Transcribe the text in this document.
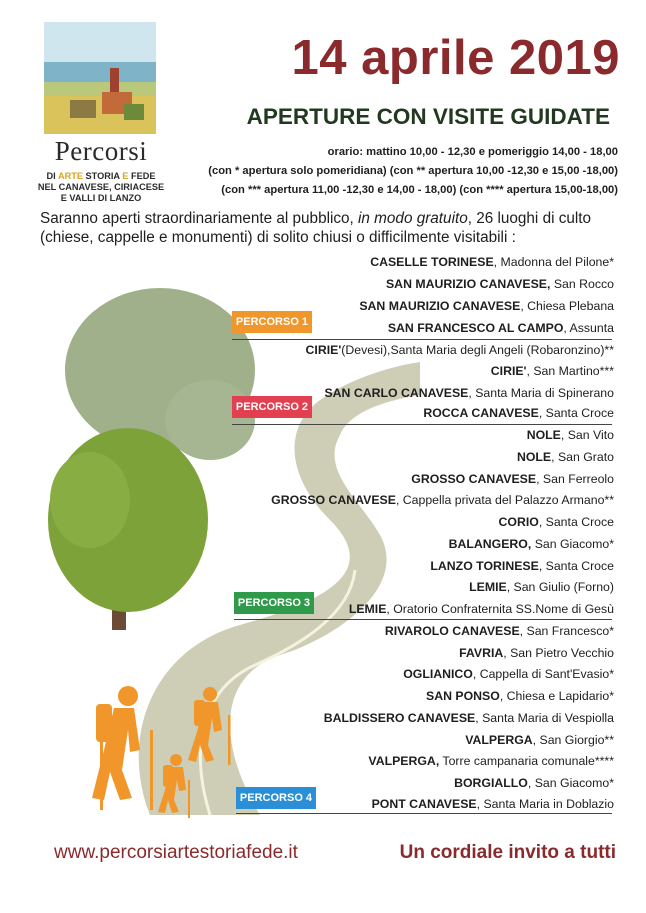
Percorsi
DI ARTE STORIA E FEDE
NEL CANAVESE, CIRIACESE
E VALLI DI LANZO
14 aprile 2019
APERTURE CON VISITE GUIDATE
orario: mattino 10,00 - 12,30 e pomeriggio 14,00 - 18,00
(con * apertura solo pomeridiana) (con ** apertura 10,00 -12,30 e 15,00 -18,00)
(con *** apertura 11,00 -12,30 e 14,00 - 18,00) (con **** apertura 15,00-18,00)
Saranno aperti straordinariamente al pubblico, in modo gratuito, 26 luoghi di culto (chiese, cappelle e monumenti) di solito chiusi o difficilmente visitabili :
PERCORSO 1
PERCORSO 2
PERCORSO 3
PERCORSO 4
CASELLE TORINESE, Madonna del Pilone*
SAN MAURIZIO CANAVESE, San Rocco
SAN MAURIZIO CANAVESE, Chiesa Plebana
SAN FRANCESCO AL CAMPO, Assunta
CIRIE'(Devesi),Santa Maria degli Angeli (Robaronzino)**
CIRIE', San Martino***
SAN CARLO CANAVESE, Santa Maria di Spinerano
ROCCA CANAVESE, Santa Croce
NOLE, San Vito
NOLE, San Grato
GROSSO CANAVESE, San Ferreolo
GROSSO CANAVESE, Cappella privata del Palazzo Armano**
CORIO, Santa Croce
BALANGERO, San Giacomo*
LANZO TORINESE, Santa Croce
LEMIE, San Giulio (Forno)
LEMIE, Oratorio Confraternita SS.Nome di Gesù
RIVAROLO CANAVESE, San Francesco*
FAVRIA, San Pietro Vecchio
OGLIANICO, Cappella di Sant'Evasio*
SAN PONSO, Chiesa e Lapidario*
BALDISSERO CANAVESE, Santa Maria di Vespiolla
VALPERGA, San Giorgio**
VALPERGA, Torre campanaria comunale****
BORGIALLO, San Giacomo*
PONT CANAVESE, Santa Maria in Doblazio
www.percorsiartestoriafede.it	Un cordiale invito a tutti
